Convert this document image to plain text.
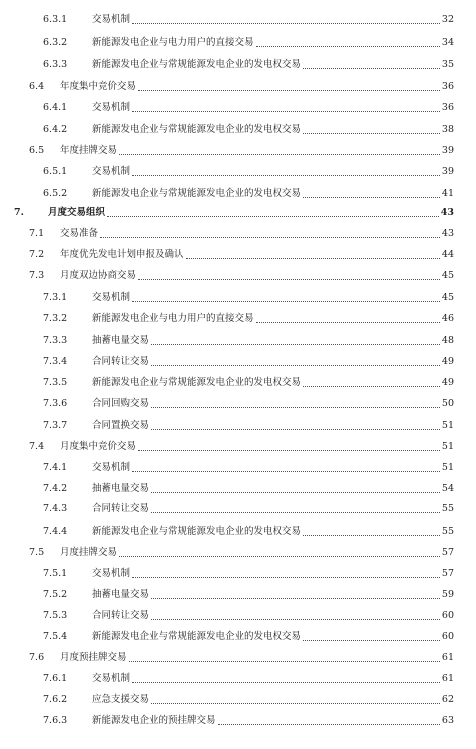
6.3.1	交易机制	32
6.3.2	新能源发电企业与电力用户的直接交易	34
6.3.3	新能源发电企业与常规能源发电企业的发电权交易	35
6.4 年度集中竞价交易	36
6.4.1	交易机制	36
6.4.2	新能源发电企业与常规能源发电企业的发电权交易	38
6.5 年度挂牌交易	39
6.5.1	交易机制	39
6.5.2	新能源发电企业与常规能源发电企业的发电权交易	41
7.	月度交易组织	43
7.1 交易准备	43
7.2 年度优先发电计划申报及确认	44
7.3 月度双边协商交易	45
7.3.1	交易机制	45
7.3.2	新能源发电企业与电力用户的直接交易	46
7.3.3	抽蓄电量交易	48
7.3.4	合同转让交易	49
7.3.5	新能源发电企业与常规能源发电企业的发电权交易	49
7.3.6	合同回购交易	50
7.3.7	合同置换交易	51
7.4 月度集中竞价交易	51
7.4.1	交易机制	51
7.4.2	抽蓄电量交易	54
7.4.3	合同转让交易	55
7.4.4	新能源发电企业与常规能源发电企业的发电权交易	55
7.5 月度挂牌交易	57
7.5.1	交易机制	57
7.5.2	抽蓄电量交易	59
7.5.3	合同转让交易	60
7.5.4	新能源发电企业与常规能源发电企业的发电权交易	60
7.6 月度预挂牌交易	61
7.6.1	交易机制	61
7.6.2	应急支援交易	62
7.6.3	新能源发电企业的预挂牌交易	63
